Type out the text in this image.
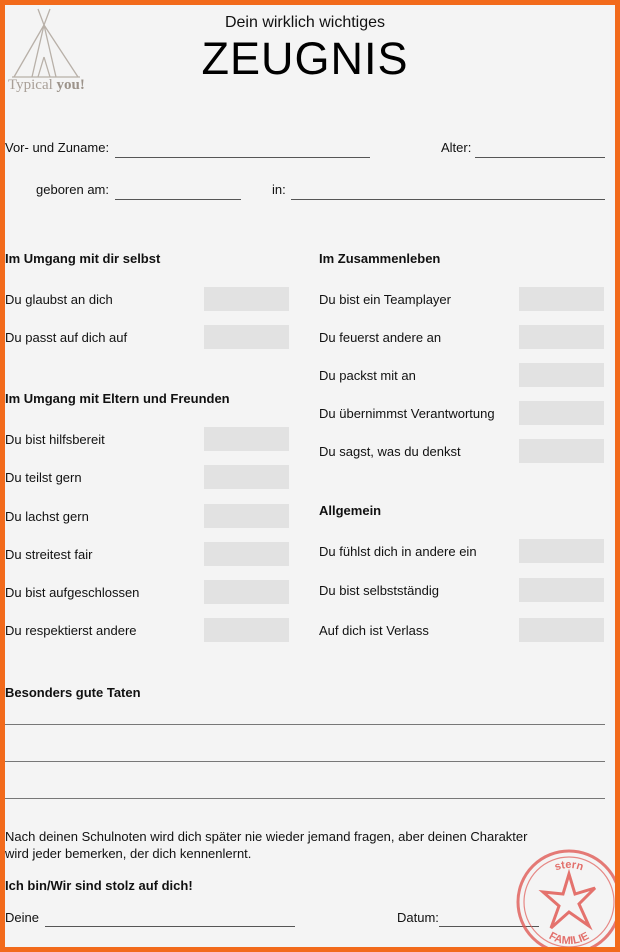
Typical you!
Dein wirklich wichtiges
ZEUGNIS
Vor- und Zuname:	Alter:
geboren am:	in:
Im Umgang mit dir selbst
Du glaubst an dich
Du passt auf dich auf
Im Umgang mit Eltern und Freunden
Du bist hilfsbereit
Du teilst gern
Du lachst gern
Du streitest fair
Du bist aufgeschlossen
Du respektierst andere
Im Zusammenleben
Du bist ein Teamplayer
Du feuerst andere an
Du packst mit an
Du übernimmst Verantwortung
Du sagst, was du denkst
Allgemein
Du fühlst dich in andere ein
Du bist selbstständig
Auf dich ist Verlass
Besonders gute Taten
Nach deinen Schulnoten wird dich später nie wieder jemand fragen, aber deinen Charakter
wird jeder bemerken, der dich kennenlernt.
Ich bin/Wir sind stolz auf dich!
Deine	Datum:
stern
FAMILIE
